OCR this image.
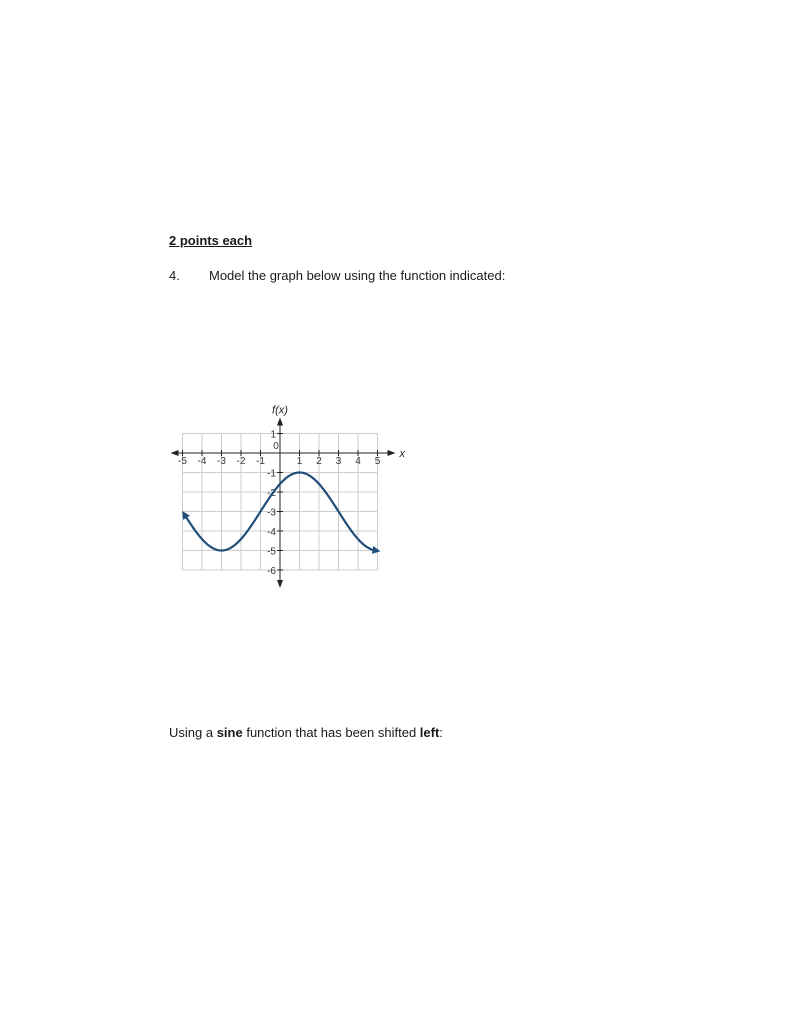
2 points each
4. Model the graph below using the function indicated:
-5 -4 -3 -2 -1	1 2 3 4 5
0
1
-1
-2
-3
-4
-5
-6
x
f(x)
Using a sine function that has been shifted left:
